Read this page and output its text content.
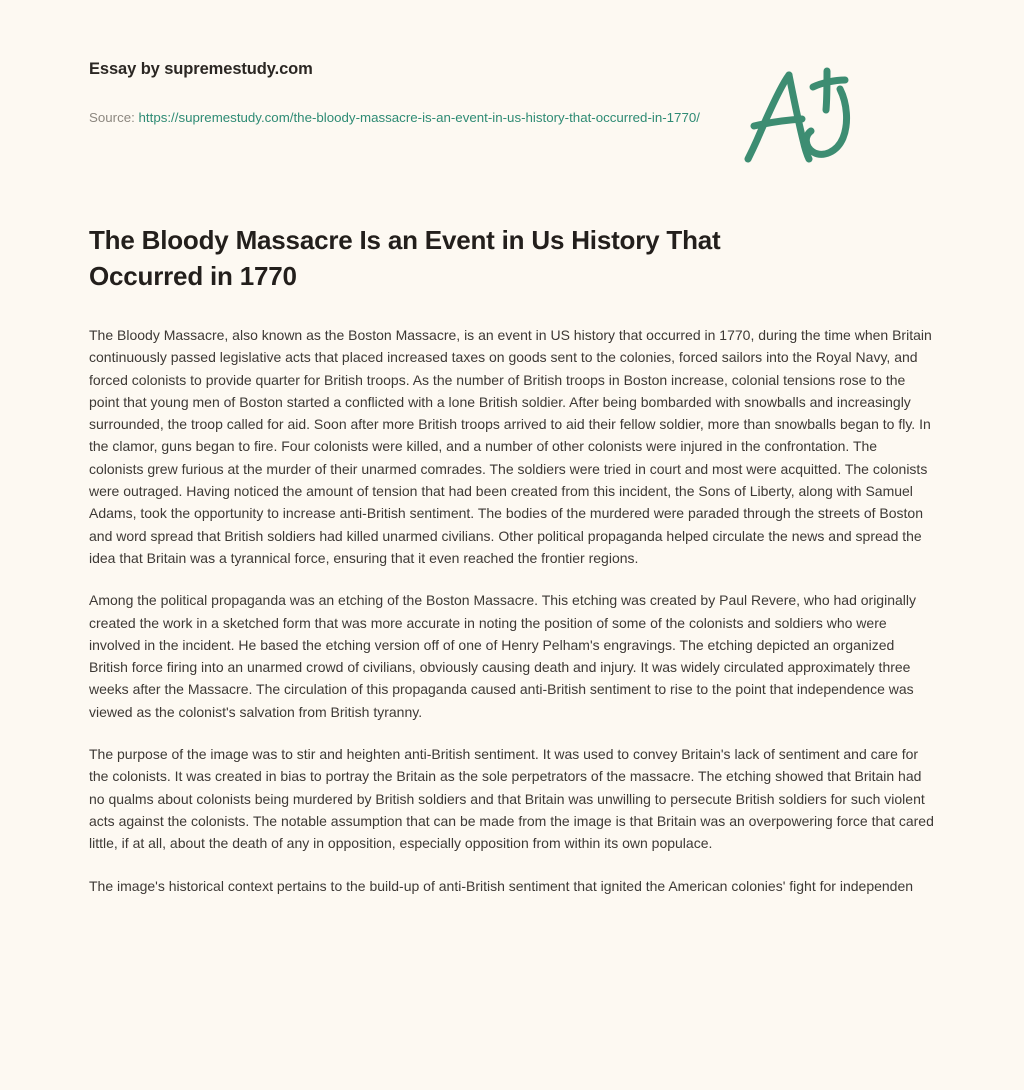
Essay by supremestudy.com
Source: https://supremestudy.com/the-bloody-massacre-is-an-event-in-us-history-that-occurred-in-1770/
The Bloody Massacre Is an Event in Us History That Occurred in 1770

The Bloody Massacre, also known as the Boston Massacre, is an event in US history that occurred in 1770, during the time when Britain continuously passed legislative acts that placed increased taxes on goods sent to the colonies, forced sailors into the Royal Navy, and forced colonists to provide quarter for British troops. As the number of British troops in Boston increase, colonial tensions rose to the point that young men of Boston started a conflicted with a lone British soldier. After being bombarded with snowballs and increasingly surrounded, the troop called for aid. Soon after more British troops arrived to aid their fellow soldier, more than snowballs began to fly. In the clamor, guns began to fire. Four colonists were killed, and a number of other colonists were injured in the confrontation. The colonists grew furious at the murder of their unarmed comrades. The soldiers were tried in court and most were acquitted. The colonists were outraged. Having noticed the amount of tension that had been created from this incident, the Sons of Liberty, along with Samuel Adams, took the opportunity to increase anti-British sentiment. The bodies of the murdered were paraded through the streets of Boston and word spread that British soldiers had killed unarmed civilians. Other political propaganda helped circulate the news and spread the idea that Britain was a tyrannical force, ensuring that it even reached the frontier regions.

Among the political propaganda was an etching of the Boston Massacre. This etching was created by Paul Revere, who had originally created the work in a sketched form that was more accurate in noting the position of some of the colonists and soldiers who were involved in the incident. He based the etching version off of one of Henry Pelham's engravings. The etching depicted an organized British force firing into an unarmed crowd of civilians, obviously causing death and injury. It was widely circulated approximately three weeks after the Massacre. The circulation of this propaganda caused anti-British sentiment to rise to the point that independence was viewed as the colonist's salvation from British tyranny.

The purpose of the image was to stir and heighten anti-British sentiment. It was used to convey Britain's lack of sentiment and care for the colonists. It was created in bias to portray the Britain as the sole perpetrators of the massacre. The etching showed that Britain had no qualms about colonists being murdered by British soldiers and that Britain was unwilling to persecute British soldiers for such violent acts against the colonists. The notable assumption that can be made from the image is that Britain was an overpowering force that cared little, if at all, about the death of any in opposition, especially opposition from within its own populace.

The image's historical context pertains to the build-up of anti-British sentiment that ignited the American colonies' fight for independen
